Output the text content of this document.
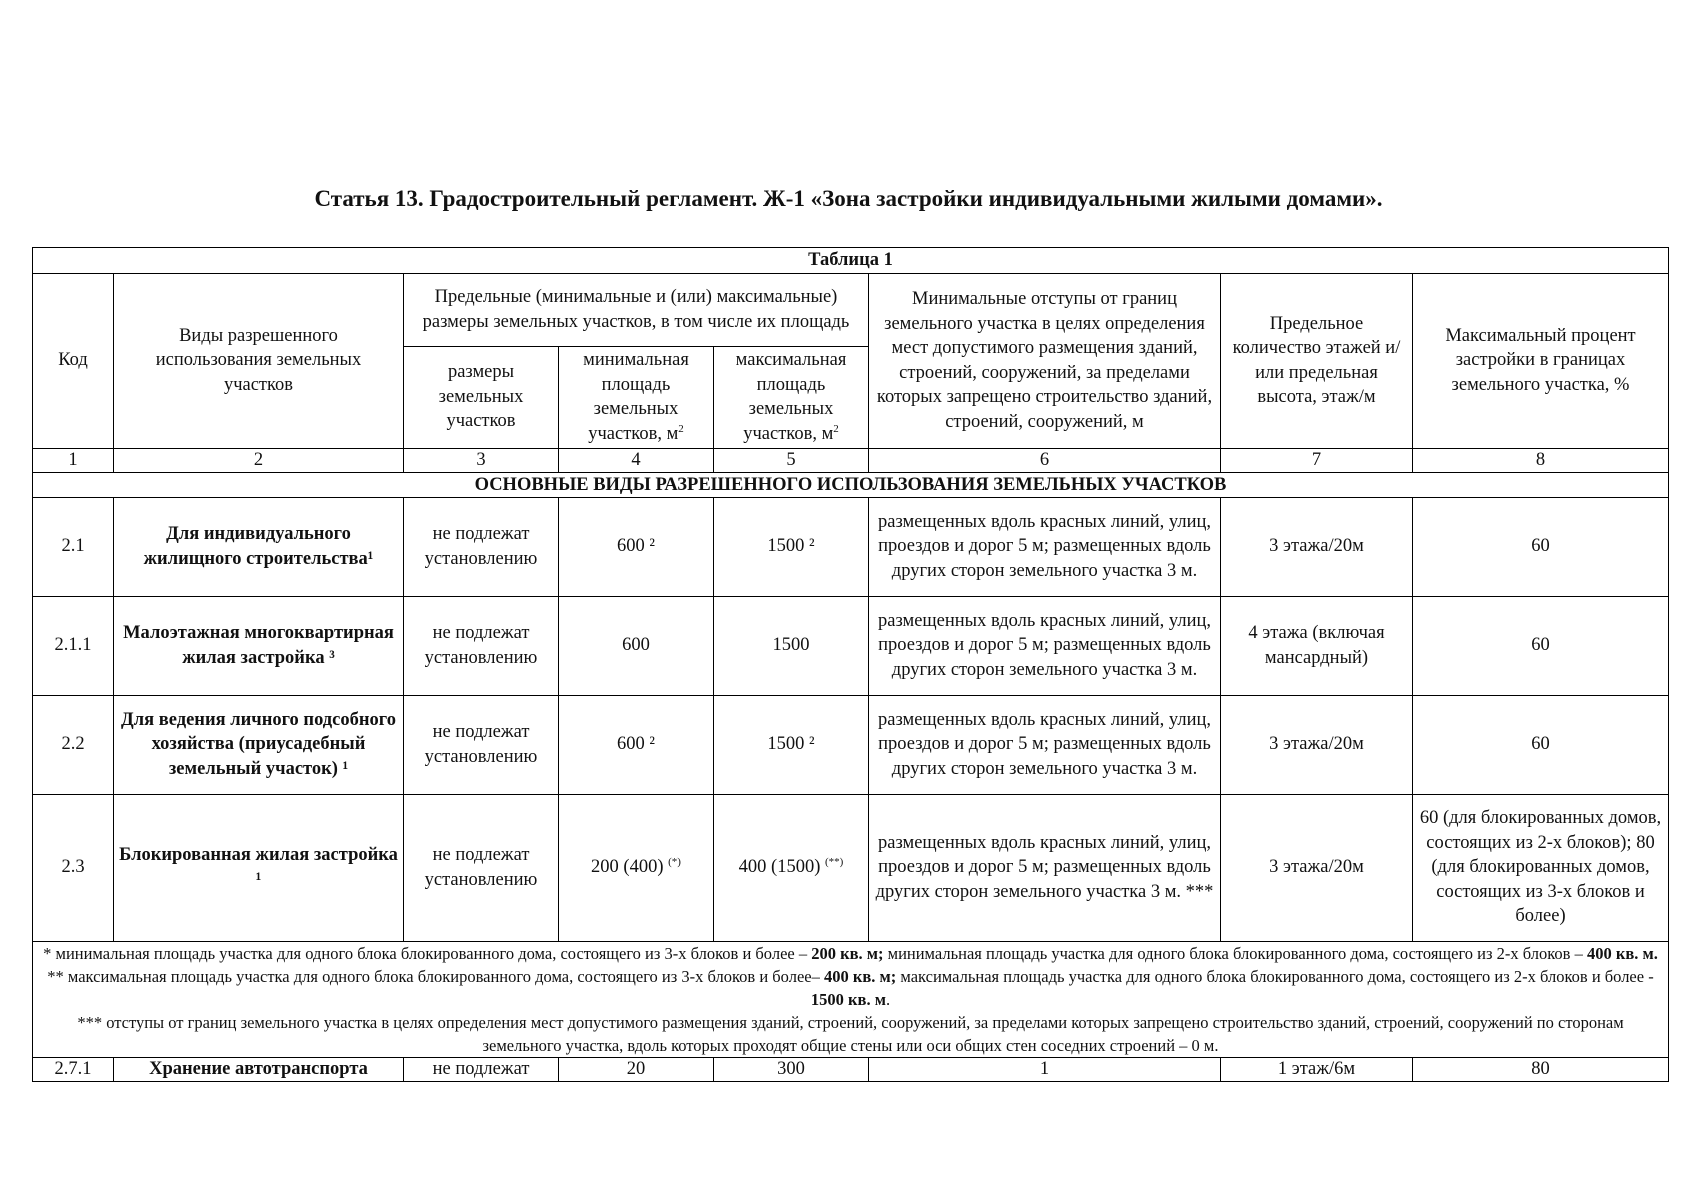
Статья 13. Градостроительный регламент. Ж-1 «Зона застройки индивидуальными жилыми домами».
Таблица 1							
Код	Виды разрешенного использования земельных участков	Предельные (минимальные и (или) максимальные) размеры земельных участков, в том числе их площадь			Минимальные отступы от границ земельного участка в целях определения мест допустимого размещения зданий, строений, сооружений, за пределами которых запрещено строительство зданий, строений, сооружений, м	Предельное количество этажей и/или предельная высота, этаж/м	Максимальный процент застройки в границах земельного участка, %
		размеры земельных участков	минимальная площадь земельных участков, $м^2$	максимальная площадь земельных участков, $м^2$
1	2	3	4	5	6	7	8
ОСНОВНЫЕ ВИДЫ РАЗРЕШЕННОГО ИСПОЛЬЗОВАНИЯ ЗЕМЕЛЬНЫХ УЧАСТКОВ							
2.1	Для индивидуального жилищного строительства¹	не подлежат установлению	600 ²	1500 ²	размещенных вдоль красных линий, улиц, проездов и дорог 5 м; размещенных вдоль других сторон земельного участка 3 м.	3 этажа/20м	60
2.1.1	Малоэтажная многоквартирная жилая застройка ³	не подлежат установлению	600	1500	размещенных вдоль красных линий, улиц, проездов и дорог 5 м; размещенных вдоль других сторон земельного участка 3 м.	4 этажа (включая мансардный)	60
2.2	Для ведения личного подсобного хозяйства (приусадебный земельный участок) ¹	не подлежат установлению	600 ²	1500 ²	размещенных вдоль красных линий, улиц, проездов и дорог 5 м; размещенных вдоль других сторон земельного участка 3 м.	3 этажа/20м	60
2.3	Блокированная жилая застройка ¹	не подлежат установлению	200 (400) (*)	400 (1500) (**)	размещенных вдоль красных линий, улиц, проездов и дорог 5 м; размещенных вдоль других сторон земельного участка 3 м. ***	3 этажа/20м	60 (для блокированных домов, состоящих из 2-х блоков); 80 (для блокированных домов, состоящих из 3-х блоков и более)

* минимальная площадь участка для одного блока блокированного дома, состоящего из 3-х блоков и более – 200 кв. м; минимальная площадь участка для одного блока блокированного дома, состоящего из 2-х блоков – 400 кв. м.
** максимальная площадь участка для одного блока блокированного дома, состоящего из 3-х блоков и более– 400 кв. м; максимальная площадь участка для одного блока блокированного дома, состоящего из 2-х блоков и более - 1500 кв. м.
*** отступы от границ земельного участка в целях определения мест допустимого размещения зданий, строений, сооружений, за пределами которых запрещено строительство зданий, строений, сооружений по сторонам земельного участка, вдоль которых проходят общие стены или оси общих стен соседних строений – 0 м.							

2.7.1	Хранение автотранспорта	не подлежат	20	300	1	1 этаж/6м	80
